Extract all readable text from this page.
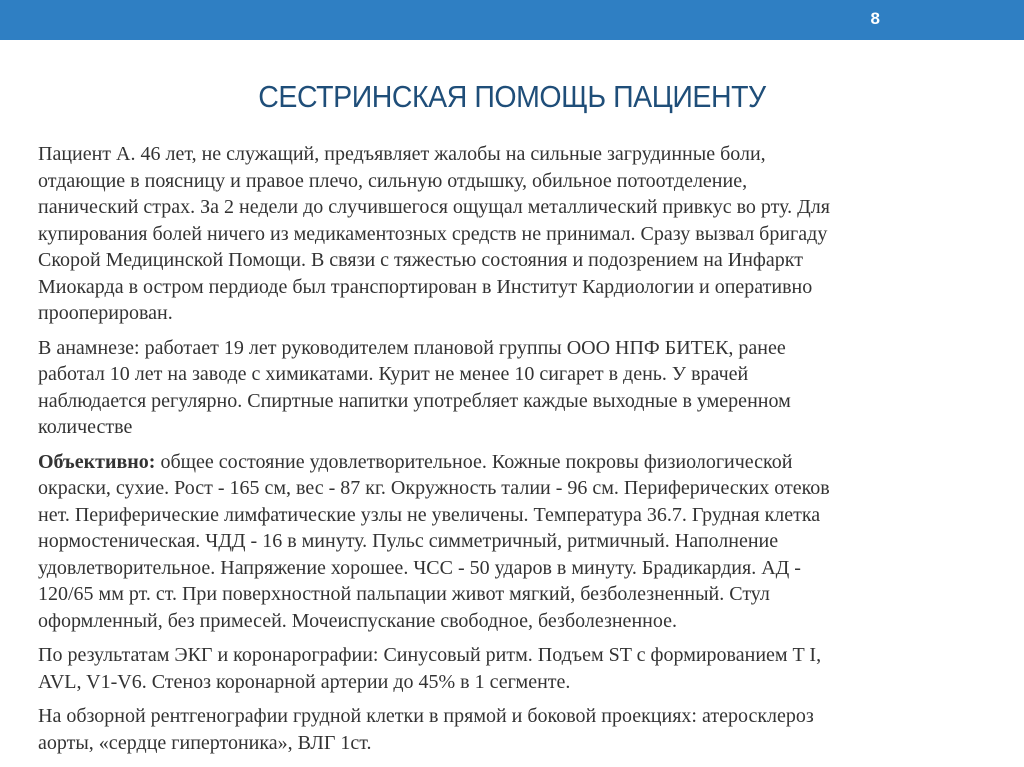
8
СЕСТРИНСКАЯ ПОМОЩЬ ПАЦИЕНТУ

Пациент А. 46 лет, не служащий, предъявляет жалобы на сильные загрудинные боли,
отдающие в поясницу и правое плечо, сильную отдышку, обильное потоотделение,
панический страх. За 2 недели до случившегося ощущал металлический привкус во рту. Для
купирования болей ничего из медикаментозных средств не принимал. Сразу вызвал бригаду
Скорой Медицинской Помощи. В связи с тяжестью состояния и подозрением на Инфаркт
Миокарда в остром пердиоде был транспортирован в Институт Кардиологии и оперативно
прооперирован.

В анамнезе: работает 19 лет руководителем плановой группы ООО НПФ БИТЕК, ранее
работал 10 лет на заводе с химикатами. Курит не менее 10 сигарет в день. У врачей
наблюдается регулярно. Спиртные напитки употребляет каждые выходные в умеренном
количестве

Объективно: общее состояние удовлетворительное. Кожные покровы физиологической
окраски, сухие. Рост - 165 см, вес - 87 кг. Окружность талии - 96 см. Периферических отеков
нет. Периферические лимфатические узлы не увеличены. Температура 36.7. Грудная клетка
нормостеническая. ЧДД - 16 в минуту. Пульс симметричный, ритмичный. Наполнение
удовлетворительное. Напряжение хорошее. ЧСС - 50 ударов в минуту. Брадикардия. АД -
120/65 мм рт. ст. При поверхностной пальпации живот мягкий, безболезненный. Стул
оформленный, без примесей. Мочеиспускание свободное, безболезненное.

По результатам ЭКГ и коронарографии: Синусовый ритм. Подъем ST с формированием T I,
AVL, V1-V6. Стеноз коронарной артерии до 45% в 1 сегменте.

На обзорной рентгенографии грудной клетки в прямой и боковой проекциях: атеросклероз
аорты, «сердце гипертоника», ВЛГ 1ст.
